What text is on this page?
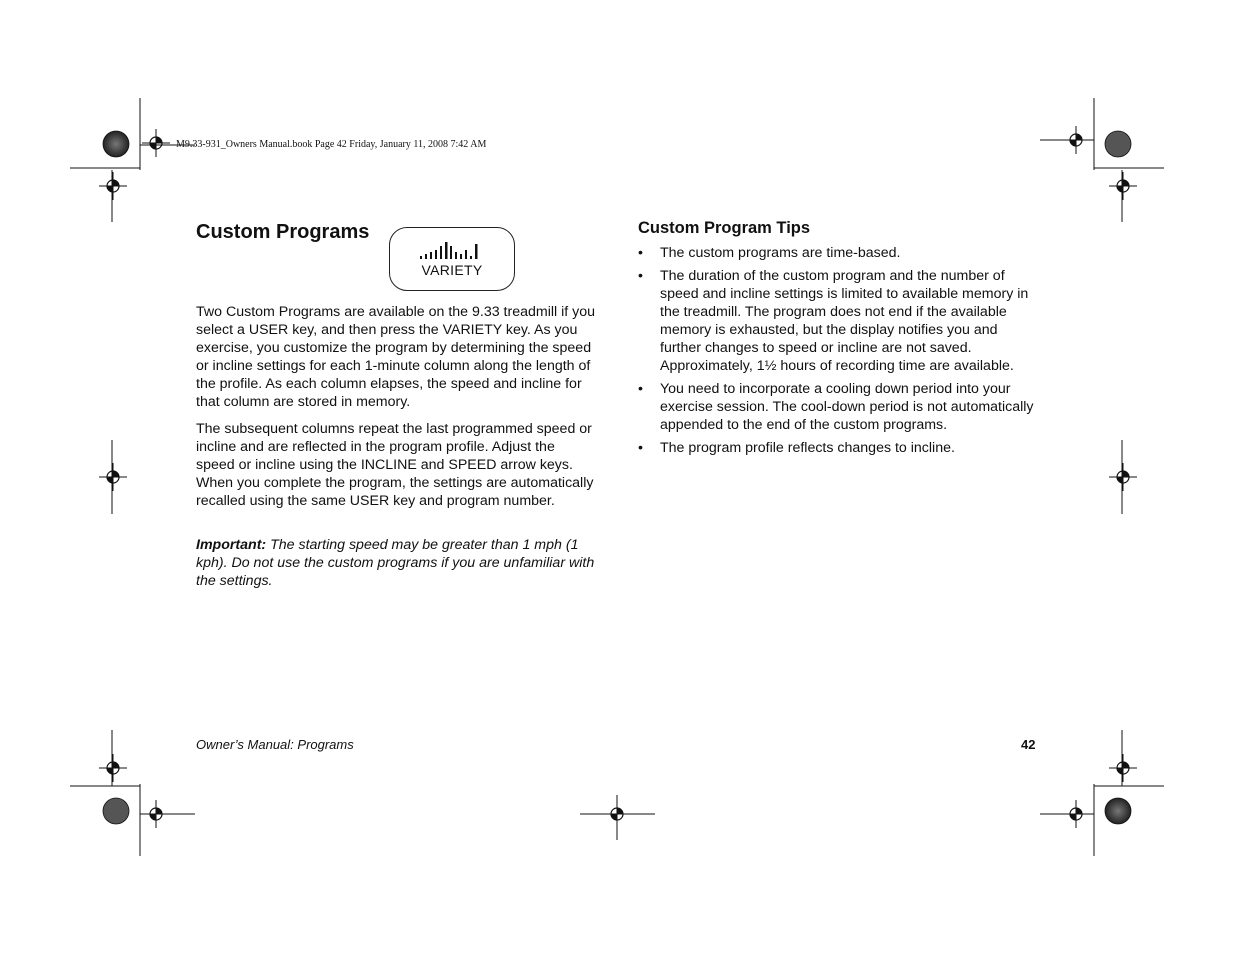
M9.33-931_Owners Manual.book Page 42 Friday, January 11, 2008 7:42 AM
Custom Programs
VARIETY

Two Custom Programs are available on the 9.33 treadmill if you select a USER key, and then press the VARIETY key. As you exercise, you customize the program by determining the speed or incline settings for each 1-minute column along the length of the profile. As each column elapses, the speed and incline for that column are stored in memory.

The subsequent columns repeat the last programmed speed or incline and are reflected in the program profile. Adjust the speed or incline using the INCLINE and SPEED arrow keys. When you complete the program, the settings are automatically recalled using the same USER key and program number.

Important: The starting speed may be greater than 1 mph (1 kph). Do not use the custom programs if you are unfamiliar with the settings.

Custom Program Tips
• The custom programs are time-based.
• The duration of the custom program and the number of speed and incline settings is limited to available memory in the treadmill. The program does not end if the available memory is exhausted, but the display notifies you and further changes to speed or incline are not saved. Approximately, 1½ hours of recording time are available.
• You need to incorporate a cooling down period into your exercise session. The cool-down period is not automatically appended to the end of the custom programs.
• The program profile reflects changes to incline.
Owner’s Manual: Programs	42
